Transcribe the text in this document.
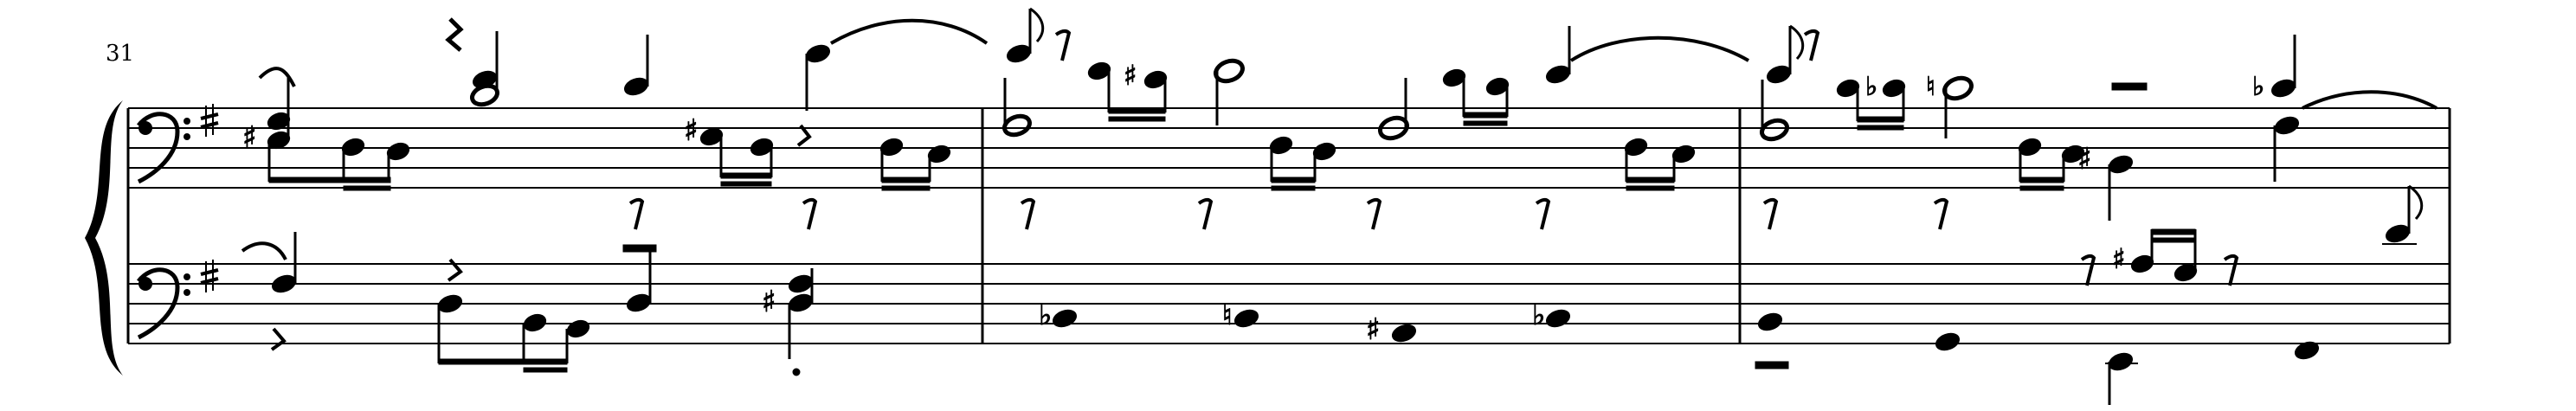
31
♯	♯
♯	♭ ♮
♯
♭
♯	♭	♮	♯	♭
♯
